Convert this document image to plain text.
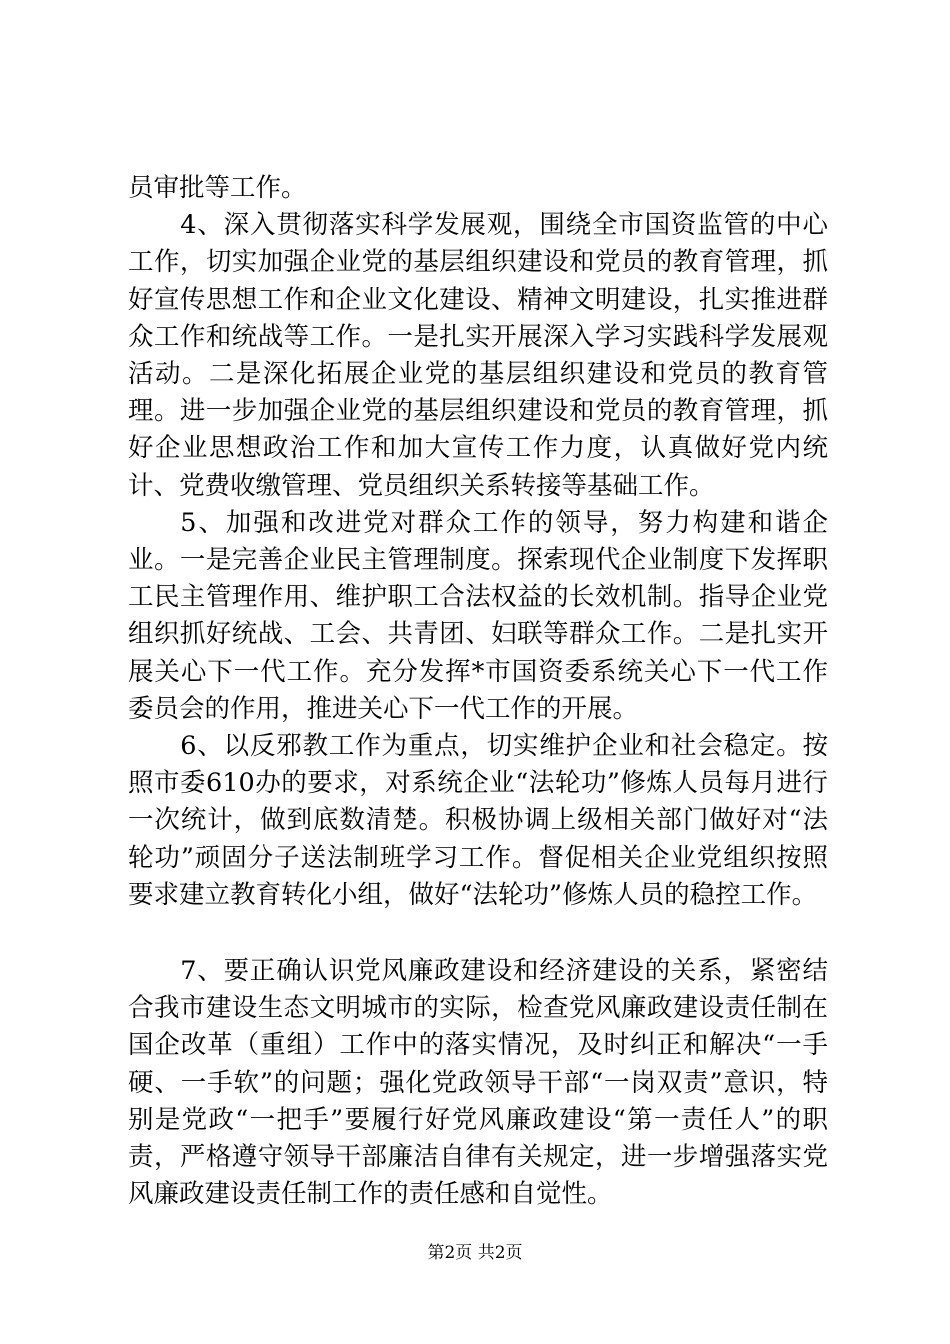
员审批等工作。

4、深入贯彻落实科学发展观，围绕全市国资监管的中心工作，切实加强企业党的基层组织建设和党员的教育管理，抓好宣传思想工作和企业文化建设、精神文明建设，扎实推进群众工作和统战等工作。一是扎实开展深入学习实践科学发展观活动。二是深化拓展企业党的基层组织建设和党员的教育管理。进一步加强企业党的基层组织建设和党员的教育管理，抓好企业思想政治工作和加大宣传工作力度，认真做好党内统计、党费收缴管理、党员组织关系转接等基础工作。

5、加强和改进党对群众工作的领导，努力构建和谐企业。一是完善企业民主管理制度。探索现代企业制度下发挥职工民主管理作用、维护职工合法权益的长效机制。指导企业党组织抓好统战、工会、共青团、妇联等群众工作。二是扎实开展关心下一代工作。充分发挥*市国资委系统关心下一代工作委员会的作用，推进关心下一代工作的开展。

6、以反邪教工作为重点，切实维护企业和社会稳定。按照市委610办的要求，对系统企业“法轮功”修炼人员每月进行一次统计，做到底数清楚。积极协调上级相关部门做好对“法轮功”顽固分子送法制班学习工作。督促相关企业党组织按照要求建立教育转化小组，做好“法轮功”修炼人员的稳控工作。

7、要正确认识党风廉政建设和经济建设的关系，紧密结合我市建设生态文明城市的实际，检查党风廉政建设责任制在国企改革（重组）工作中的落实情况，及时纠正和解决“一手硬、一手软”的问题；强化党政领导干部“一岗双责”意识，特别是党政“一把手”要履行好党风廉政建设“第一责任人”的职责，严格遵守领导干部廉洁自律有关规定，进一步增强落实党风廉政建设责任制工作的责任感和自觉性。

第2页 共2页
